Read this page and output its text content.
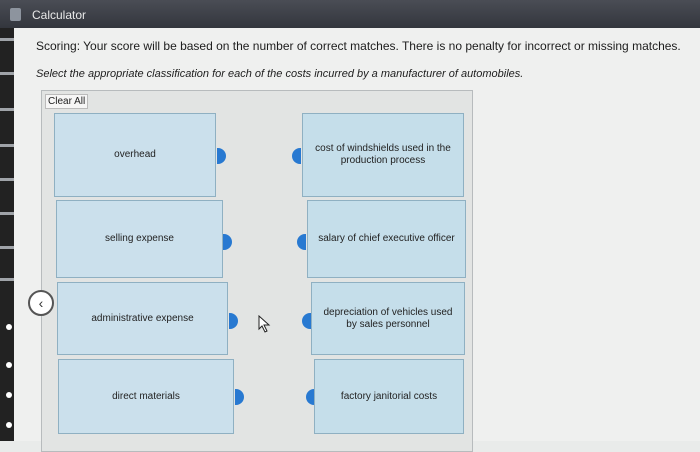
Calculator
Scoring: Your score will be based on the number of correct matches. There is no penalty for incorrect or missing matches.
Select the appropriate classification for each of the costs incurred by a manufacturer of automobiles.
Clear All
overhead
selling expense
administrative expense
direct materials
cost of windshields used in the production process
salary of chief executive officer
depreciation of vehicles used by sales personnel
factory janitorial costs
‹
